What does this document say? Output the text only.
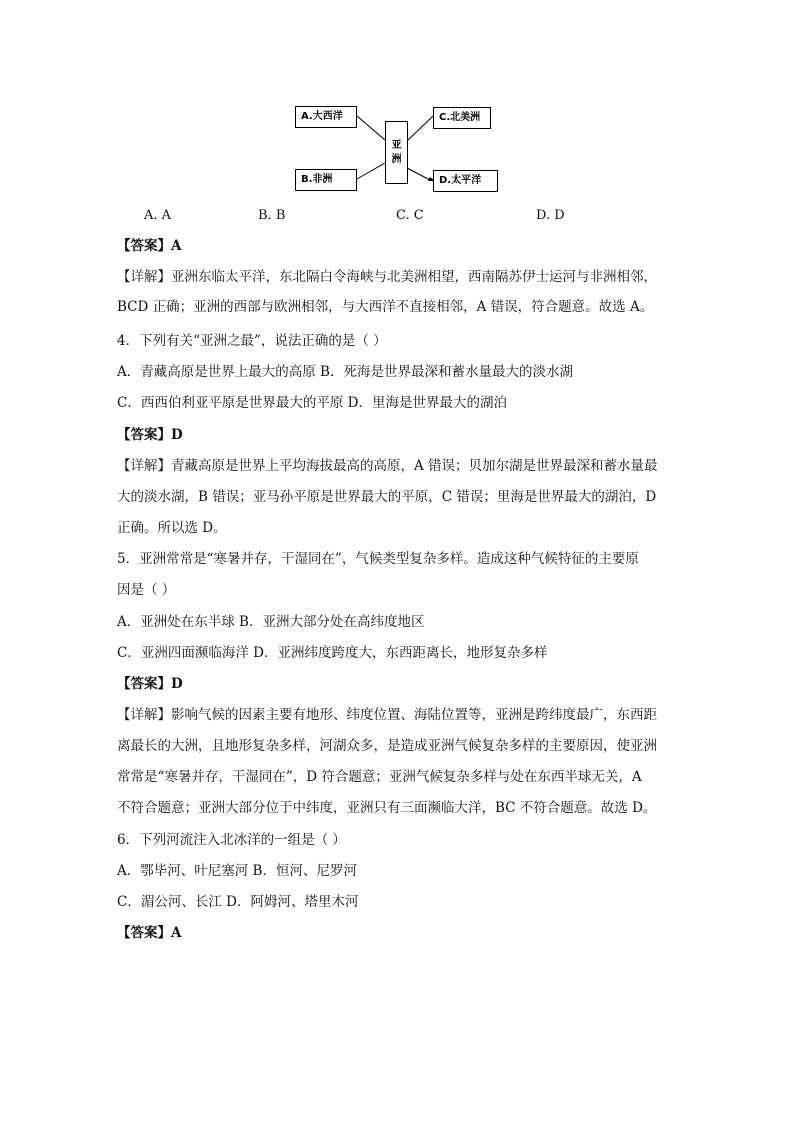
A.大西洋
B.非洲
亚
洲
C.北美洲
D.太平洋
A. A	B. B	C. C	D. D
【答案】A
【详解】亚洲东临太平洋，东北隔白令海峡与北美洲相望，西南隔苏伊士运河与非洲相邻，
BCD 正确；亚洲的西部与欧洲相邻，与大西洋不直接相邻，A 错误，符合题意。故选 A。
4．下列有关“亚洲之最”，说法正确的是（ ）
A．青藏高原是世界上最大的高原 B．死海是世界最深和蓄水量最大的淡水湖
C．西西伯利亚平原是世界最大的平原 D．里海是世界最大的湖泊
【答案】D
【详解】青藏高原是世界上平均海拔最高的高原，A 错误；贝加尔湖是世界最深和蓄水量最
大的淡水湖，B 错误；亚马孙平原是世界最大的平原，C 错误；里海是世界最大的湖泊，D
正确。所以选 D。
5．亚洲常常是“寒暑并存，干湿同在”，气候类型复杂多样。造成这种气候特征的主要原
因是（ ）
A．亚洲处在东半球 B．亚洲大部分处在高纬度地区
C．亚洲四面濒临海洋 D．亚洲纬度跨度大，东西距离长，地形复杂多样
【答案】D
【详解】影响气候的因素主要有地形、纬度位置、海陆位置等，亚洲是跨纬度最广，东西距
离最长的大洲，且地形复杂多样，河湖众多，是造成亚洲气候复杂多样的主要原因，使亚洲
常常是“寒暑并存，干湿同在”，D 符合题意；亚洲气候复杂多样与处在东西半球无关，A
不符合题意；亚洲大部分位于中纬度，亚洲只有三面濒临大洋，BC 不符合题意。故选 D。
6．下列河流注入北冰洋的一组是（ ）
A．鄂毕河、叶尼塞河 B．恒河、尼罗河
C．湄公河、长江 D．阿姆河、塔里木河
【答案】A
